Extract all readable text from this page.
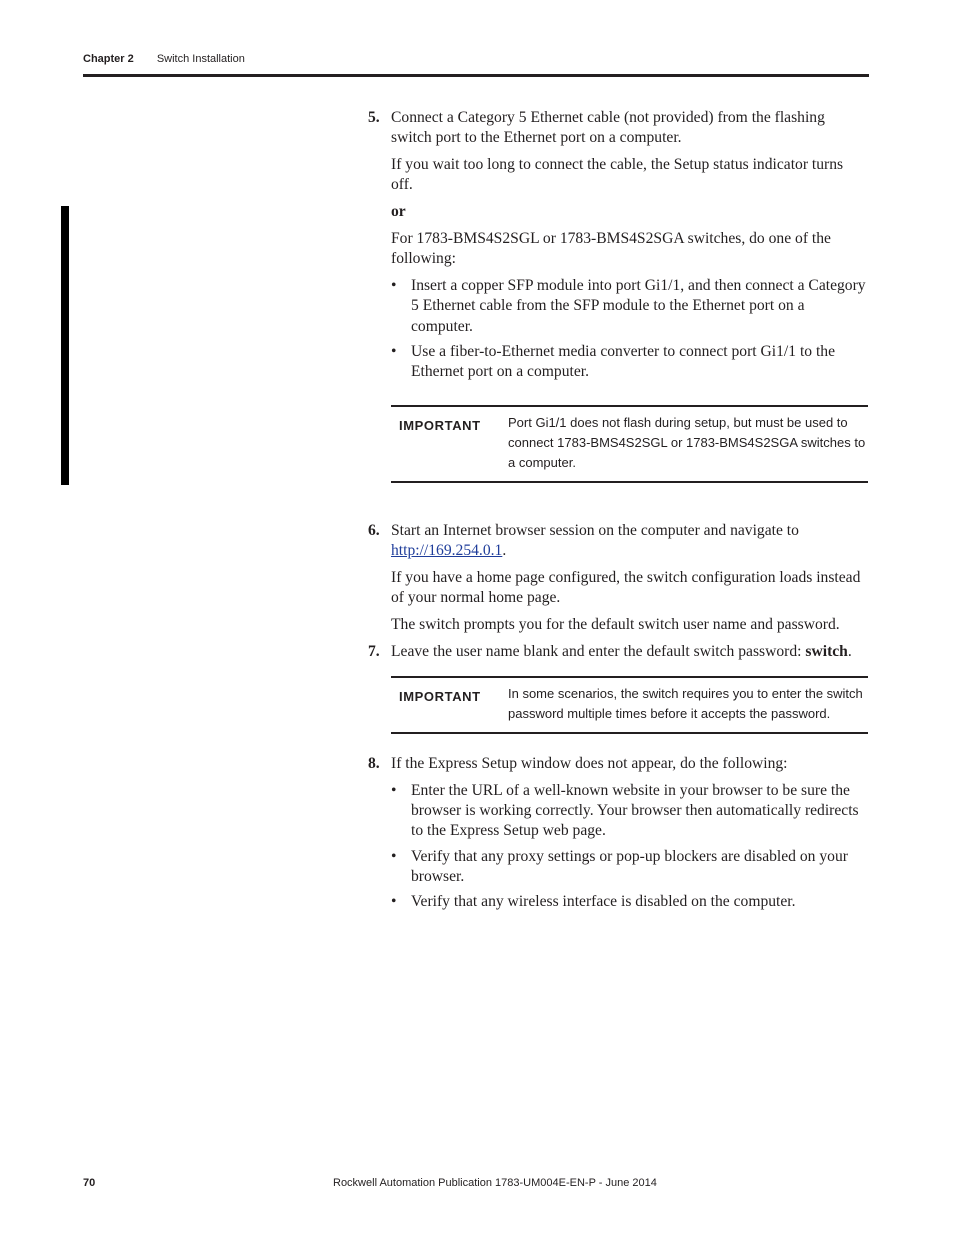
Chapter 2 Switch Installation
5. Connect a Category 5 Ethernet cable (not provided) from the flashing switch port to the Ethernet port on a computer.

If you wait too long to connect the cable, the Setup status indicator turns off.

or

For 1783-BMS4S2SGL or 1783-BMS4S2SGA switches, do one of the following:

• Insert a copper SFP module into port Gi1/1, and then connect a Category 5 Ethernet cable from the SFP module to the Ethernet port on a computer.
• Use a fiber-to-Ethernet media converter to connect port Gi1/1 to the Ethernet port on a computer.
IMPORTANT	Port Gi1/1 does not flash during setup, but must be used to connect 1783-BMS4S2SGL or 1783-BMS4S2SGA switches to a computer.
6. Start an Internet browser session on the computer and navigate to http://169.254.0.1.

If you have a home page configured, the switch configuration loads instead of your normal home page.

The switch prompts you for the default switch user name and password.

7. Leave the user name blank and enter the default switch password: switch.

IMPORTANT	In some scenarios, the switch requires you to enter the switch password multiple times before it accepts the password.
8. If the Express Setup window does not appear, do the following:

• Enter the URL of a well-known website in your browser to be sure the browser is working correctly. Your browser then automatically redirects to the Express Setup web page.
• Verify that any proxy settings or pop-up blockers are disabled on your browser.
• Verify that any wireless interface is disabled on the computer.
70	Rockwell Automation Publication 1783-UM004E-EN-P - June 2014
